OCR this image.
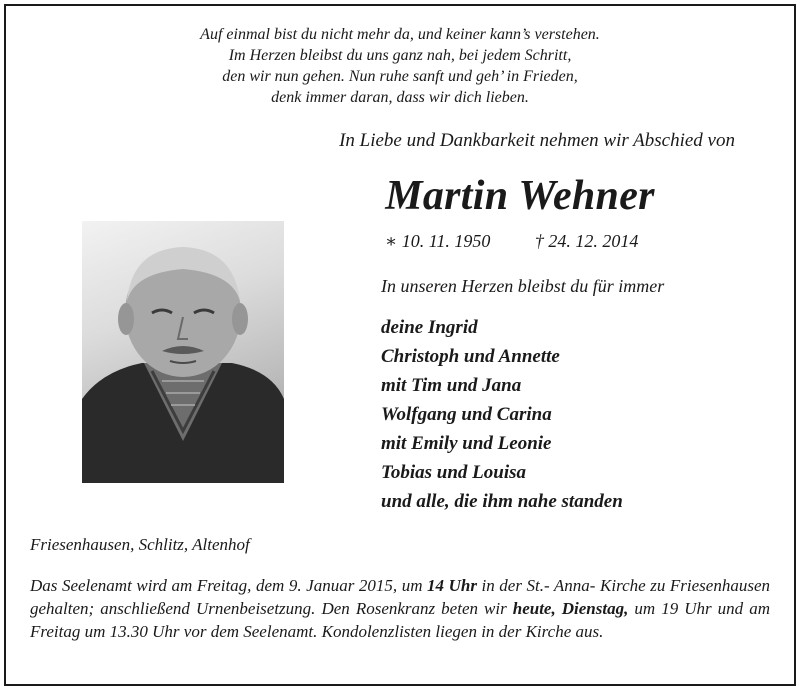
Auf einmal bist du nicht mehr da, und keiner kann’s verstehen.
Im Herzen bleibst du uns ganz nah, bei jedem Schritt,
den wir nun gehen. Nun ruhe sanft und geh’ in Frieden,
denk immer daran, dass wir dich lieben.
In Liebe und Dankbarkeit nehmen wir Abschied von
Martin Wehner
∗ 10. 11. 1950 † 24. 12. 2014
In unseren Herzen bleibst du für immer
deine Ingrid
Christoph und Annette
mit Tim und Jana
Wolfgang und Carina
mit Emily und Leonie
Tobias und Louisa
und alle, die ihm nahe standen
Friesenhausen, Schlitz, Altenhof
Das Seelenamt wird am Freitag, dem 9. Januar 2015, um 14 Uhr in der St.- Anna- Kirche zu Friesenhausen gehalten; anschließend Urnenbeisetzung. Den Rosenkranz beten wir heute, Dienstag, um 19 Uhr und am Freitag um 13.30 Uhr vor dem Seelenamt. Kondolenzlisten liegen in der Kirche aus.
